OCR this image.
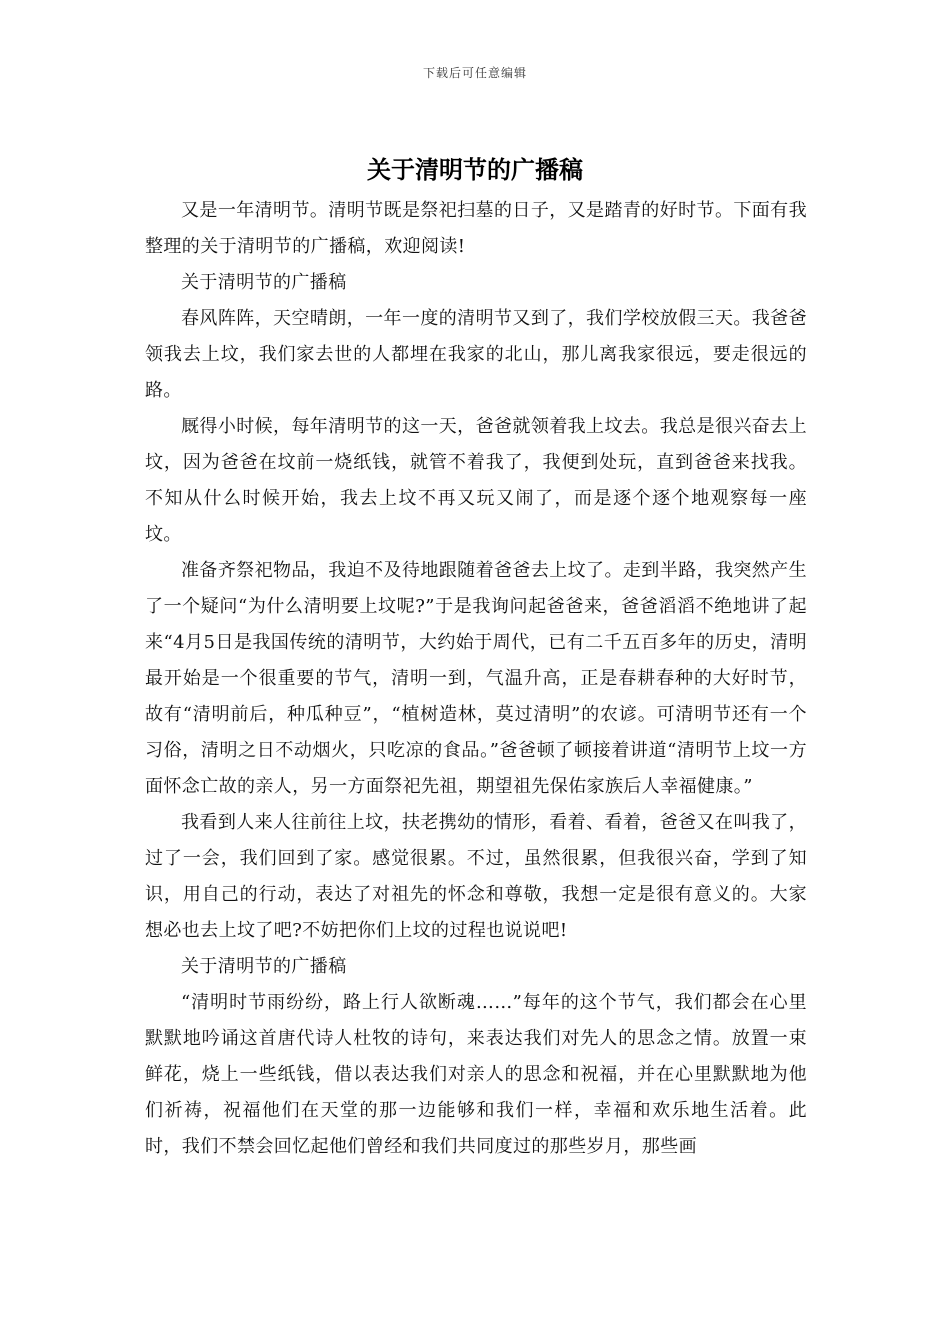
下载后可任意编辑
关于清明节的广播稿

又是一年清明节。清明节既是祭祀扫墓的日子，又是踏青的好时节。下面有我整理的关于清明节的广播稿，欢迎阅读!

关于清明节的广播稿

春风阵阵，天空晴朗，一年一度的清明节又到了，我们学校放假三天。我爸爸领我去上坟，我们家去世的人都埋在我家的北山，那儿离我家很远，要走很远的路。

厩得小时候，每年清明节的这一天，爸爸就领着我上坟去。我总是很兴奋去上坟，因为爸爸在坟前一烧纸钱，就管不着我了，我便到处玩，直到爸爸来找我。不知从什么时候开始，我去上坟不再又玩又闹了，而是逐个逐个地观察每一座坟。

准备齐祭祀物品，我迫不及待地跟随着爸爸去上坟了。走到半路，我突然产生了一个疑问“为什么清明要上坟呢?”于是我询问起爸爸来，爸爸滔滔不绝地讲了起来“4月5日是我国传统的清明节，大约始于周代，已有二千五百多年的历史，清明最开始是一个很重要的节气，清明一到，气温升高，正是春耕春种的大好时节，故有“清明前后，种瓜种豆”，“植树造林，莫过清明”的农谚。可清明节还有一个习俗，清明之日不动烟火，只吃凉的食品。”爸爸顿了顿接着讲道“清明节上坟一方面怀念亡故的亲人，另一方面祭祀先祖，期望祖先保佑家族后人幸福健康。”

我看到人来人往前往上坟，扶老携幼的情形，看着、看着，爸爸又在叫我了，过了一会，我们回到了家。感觉很累。不过，虽然很累，但我很兴奋，学到了知识，用自己的行动，表达了对祖先的怀念和尊敬，我想一定是很有意义的。大家想必也去上坟了吧?不妨把你们上坟的过程也说说吧!

关于清明节的广播稿

“清明时节雨纷纷，路上行人欲断魂……”每年的这个节气，我们都会在心里默默地吟诵这首唐代诗人杜牧的诗句，来表达我们对先人的思念之情。放置一束鲜花，烧上一些纸钱，借以表达我们对亲人的思念和祝福，并在心里默默地为他们祈祷，祝福他们在天堂的那一边能够和我们一样，幸福和欢乐地生活着。此时，我们不禁会回忆起他们曾经和我们共同度过的那些岁月，那些画
